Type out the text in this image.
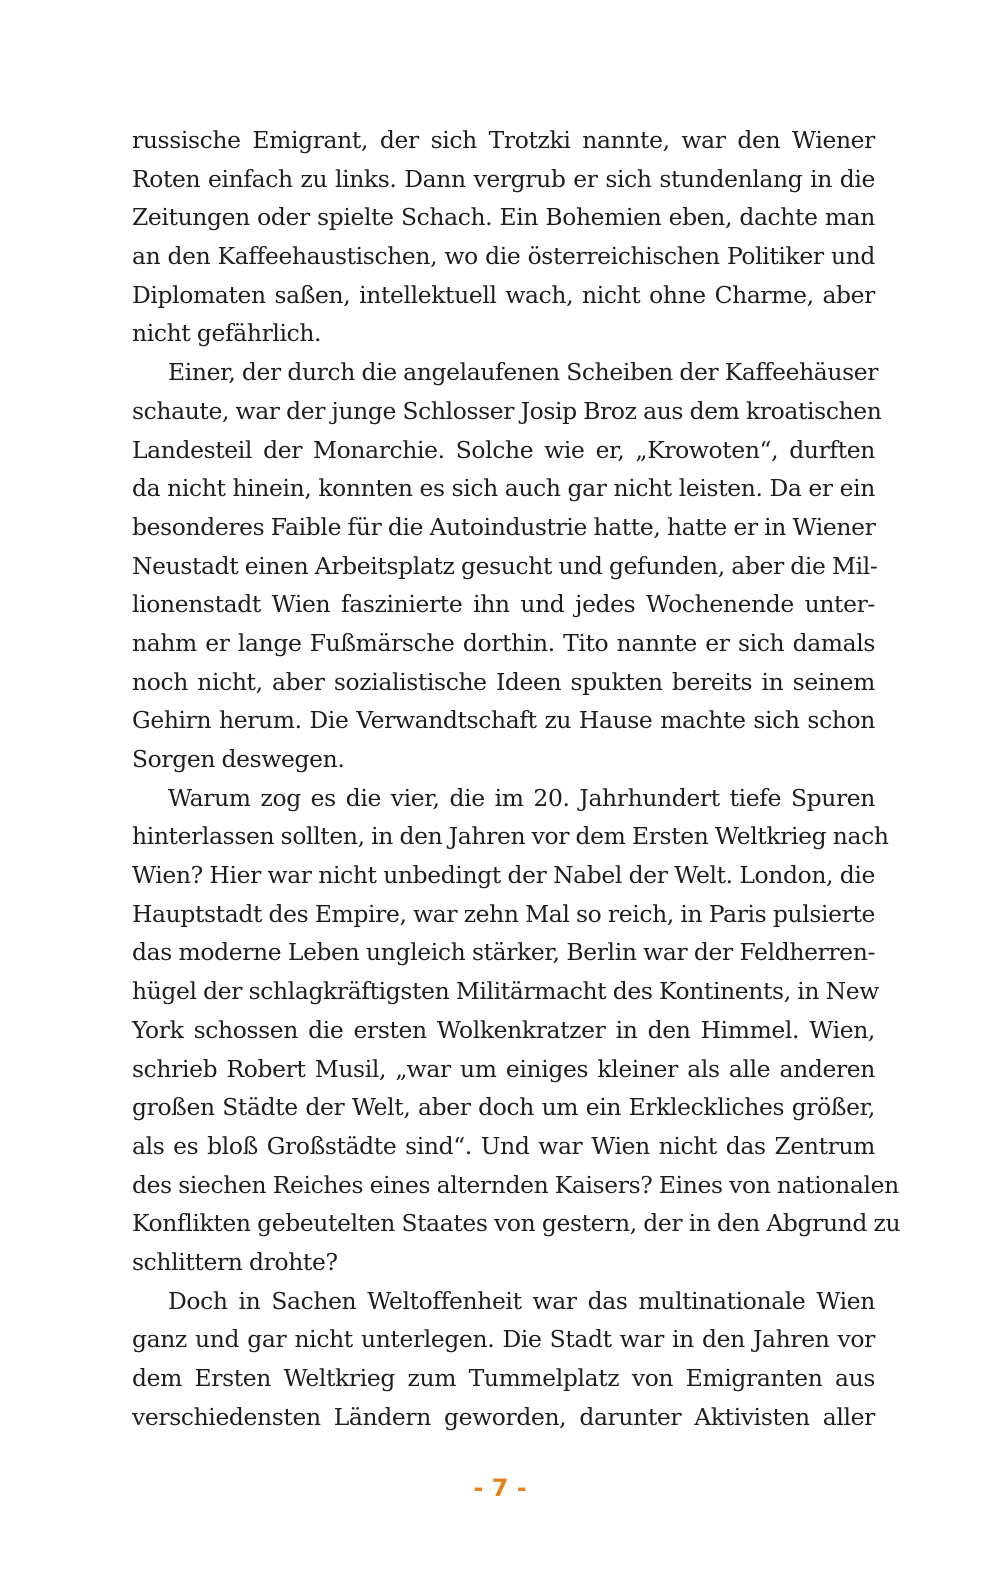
russische Emigrant, der sich Trotzki nannte, war den Wiener
Roten einfach zu links. Dann vergrub er sich stundenlang in die
Zeitungen oder spielte Schach. Ein Bohemien eben, dachte man
an den Kaffeehaustischen, wo die österreichischen Politiker und
Diplomaten saßen, intellektuell wach, nicht ohne Charme, aber
nicht gefährlich.
Einer, der durch die angelaufenen Scheiben der Kaffeehäuser
schaute, war der junge Schlosser Josip Broz aus dem kroatischen
Landesteil der Monarchie. Solche wie er, „Krowoten“, durften
da nicht hinein, konnten es sich auch gar nicht leisten. Da er ein
besonderes Faible für die Autoindustrie hatte, hatte er in Wiener
Neustadt einen Arbeitsplatz gesucht und gefunden, aber die Mil-
lionenstadt Wien faszinierte ihn und jedes Wochenende unter-
nahm er lange Fußmärsche dorthin. Tito nannte er sich damals
noch nicht, aber sozialistische Ideen spukten bereits in seinem
Gehirn herum. Die Verwandtschaft zu Hause machte sich schon
Sorgen deswegen.
Warum zog es die vier, die im 20. Jahrhundert tiefe Spuren
hinterlassen sollten, in den Jahren vor dem Ersten Weltkrieg nach
Wien? Hier war nicht unbedingt der Nabel der Welt. London, die
Hauptstadt des Empire, war zehn Mal so reich, in Paris pulsierte
das moderne Leben ungleich stärker, Berlin war der Feldherren-
hügel der schlagkräftigsten Militärmacht des Kontinents, in New
York schossen die ersten Wolkenkratzer in den Himmel. Wien,
schrieb Robert Musil, „war um einiges kleiner als alle anderen
großen Städte der Welt, aber doch um ein Erkleckliches größer,
als es bloß Großstädte sind“. Und war Wien nicht das Zentrum
des siechen Reiches eines alternden Kaisers? Eines von nationalen
Konflikten gebeutelten Staates von gestern, der in den Abgrund zu
schlittern drohte?
Doch in Sachen Weltoffenheit war das multinationale Wien
ganz und gar nicht unterlegen. Die Stadt war in den Jahren vor
dem Ersten Weltkrieg zum Tummelplatz von Emigranten aus
verschiedensten Ländern geworden, darunter Aktivisten aller
- 7 -
